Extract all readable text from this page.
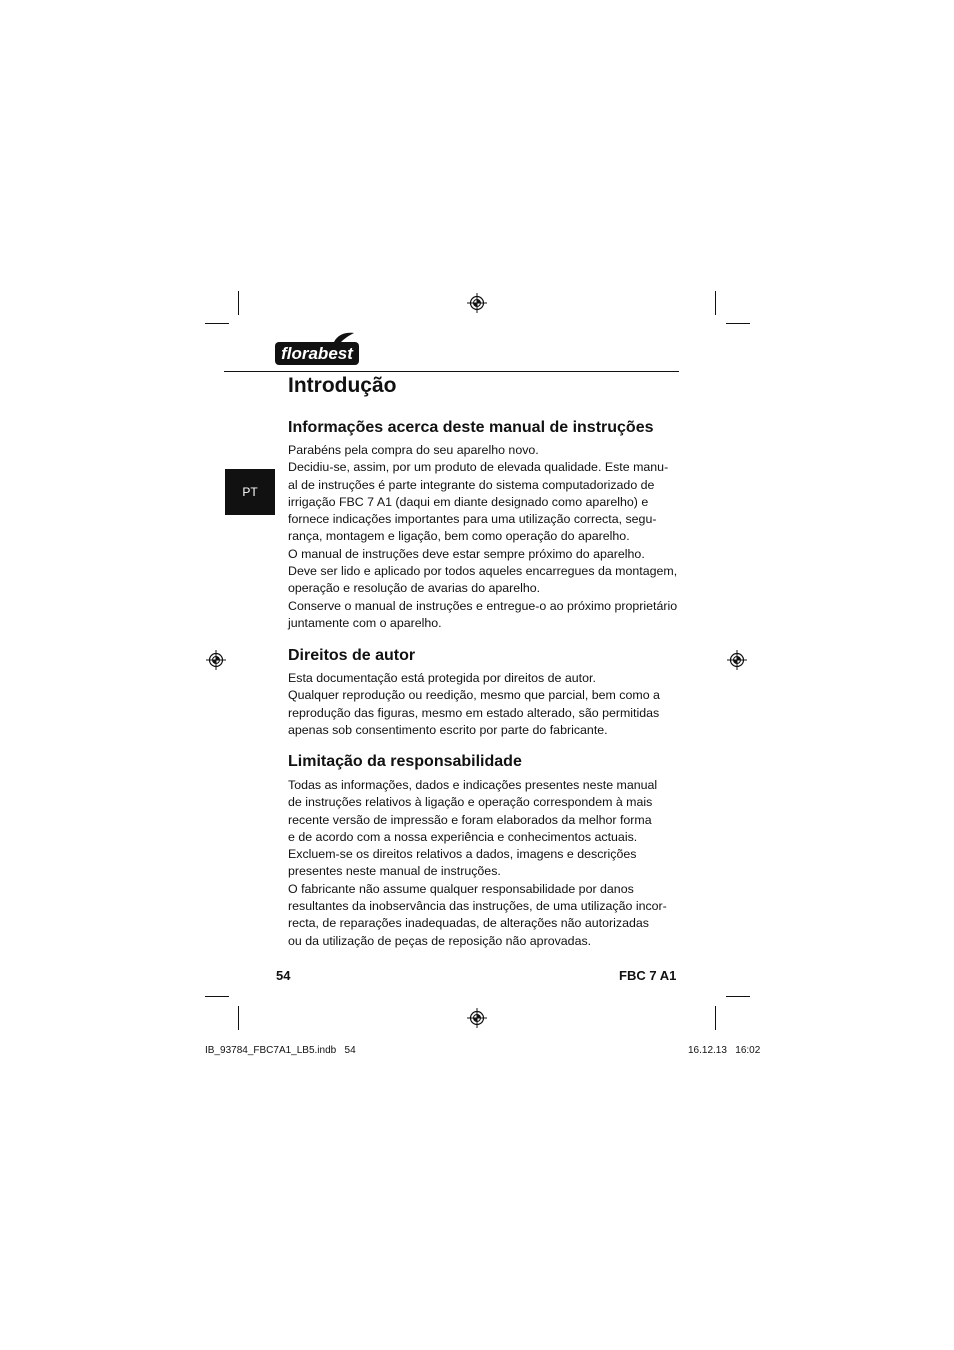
florabest
Introdução
PT
Informações acerca deste manual de instruções
Parabéns pela compra do seu aparelho novo.
Decidiu-se, assim, por um produto de elevada qualidade. Este manu-
al de instruções é parte integrante do sistema computadorizado de
irrigação FBC 7 A1 (daqui em diante designado como aparelho) e
fornece indicações importantes para uma utilização correcta, segu-
rança, montagem e ligação, bem como operação do aparelho.
O manual de instruções deve estar sempre próximo do aparelho.
Deve ser lido e aplicado por todos aqueles encarregues da montagem,
operação e resolução de avarias do aparelho.
Conserve o manual de instruções e entregue-o ao próximo proprietário
juntamente com o aparelho.
Direitos de autor
Esta documentação está protegida por direitos de autor.
Qualquer reprodução ou reedição, mesmo que parcial, bem como a
reprodução das figuras, mesmo em estado alterado, são permitidas
apenas sob consentimento escrito por parte do fabricante.
Limitação da responsabilidade
Todas as informações, dados e indicações presentes neste manual
de instruções relativos à ligação e operação correspondem à mais
recente versão de impressão e foram elaborados da melhor forma
e de acordo com a nossa experiência e conhecimentos actuais.
Excluem-se os direitos relativos a dados, imagens e descrições
presentes neste manual de instruções.
O fabricante não assume qualquer responsabilidade por danos
resultantes da inobservância das instruções, de uma utilização incor-
recta, de reparações inadequadas, de alterações não autorizadas
ou da utilização de peças de reposição não aprovadas.
54	FBC 7 A1
IB_93784_FBC7A1_LB5.indb   54	16.12.13   16:02
